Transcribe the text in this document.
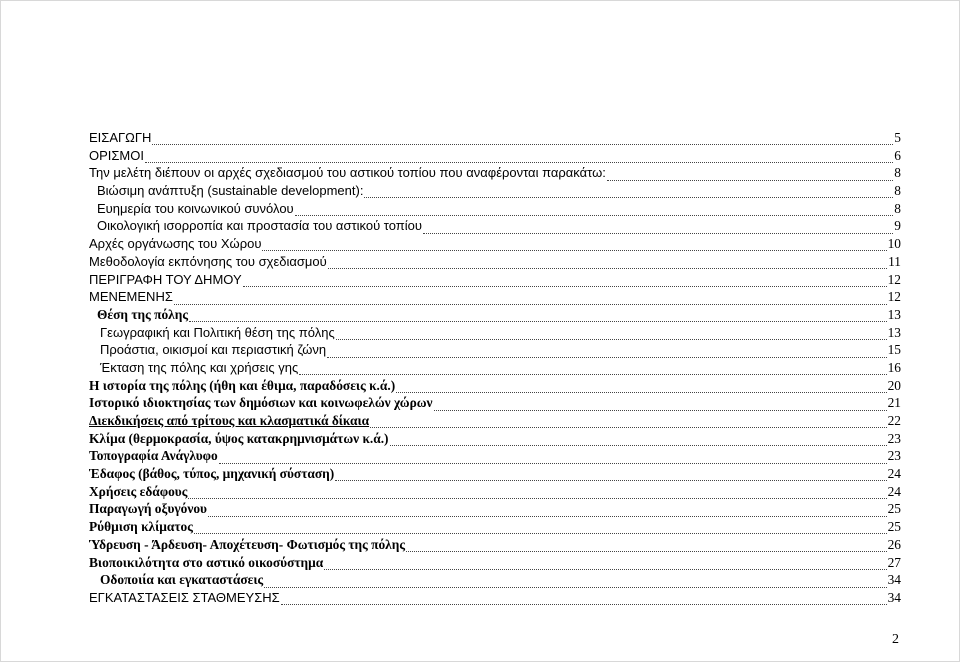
ΕΙΣΑΓΩΓΗ	5
ΟΡΙΣΜΟΙ	6
Την μελέτη διέπουν οι αρχές σχεδιασμού του αστικού τοπίου που αναφέρονται παρακάτω:	8
Βιώσιμη ανάπτυξη (sustainable development):	8
Ευημερία του κοινωνικού συνόλου	8
Οικολογική ισορροπία και προστασία του αστικού τοπίου	9
Αρχές οργάνωσης του Χώρου	10
Μεθοδολογία εκπόνησης του σχεδιασμού	11
ΠΕΡΙΓΡΑΦΗ ΤΟΥ ΔΗΜΟΥ	12
ΜΕΝΕΜΕΝΗΣ	12
Θέση της πόλης	13
Γεωγραφική και Πολιτική θέση της πόλης	13
Προάστια, οικισμοί και περιαστική ζώνη	15
Έκταση της πόλης και χρήσεις γης	16
Η ιστορία της πόλης (ήθη και έθιμα, παραδόσεις κ.ά.)	20
Ιστορικό ιδιοκτησίας των δημόσιων και κοινωφελών χώρων	21
Διεκδικήσεις από τρίτους και κλασματικά δίκαια	22
Κλίμα (θερμοκρασία, ύψος κατακρημνισμάτων κ.ά.)	23
Τοπογραφία Ανάγλυφο	23
Έδαφος (βάθος, τύπος, μηχανική σύσταση)	24
Χρήσεις εδάφους	24
Παραγωγή οξυγόνου	25
Ρύθμιση κλίματος	25
Ύδρευση - Άρδευση- Αποχέτευση- Φωτισμός της πόλης	26
Βιοποικιλότητα στο αστικό οικοσύστημα	27
Οδοποιία και εγκαταστάσεις	34
ΕΓΚΑΤΑΣΤΑΣΕΙΣ ΣΤΑΘΜΕΥΣΗΣ	34
2
